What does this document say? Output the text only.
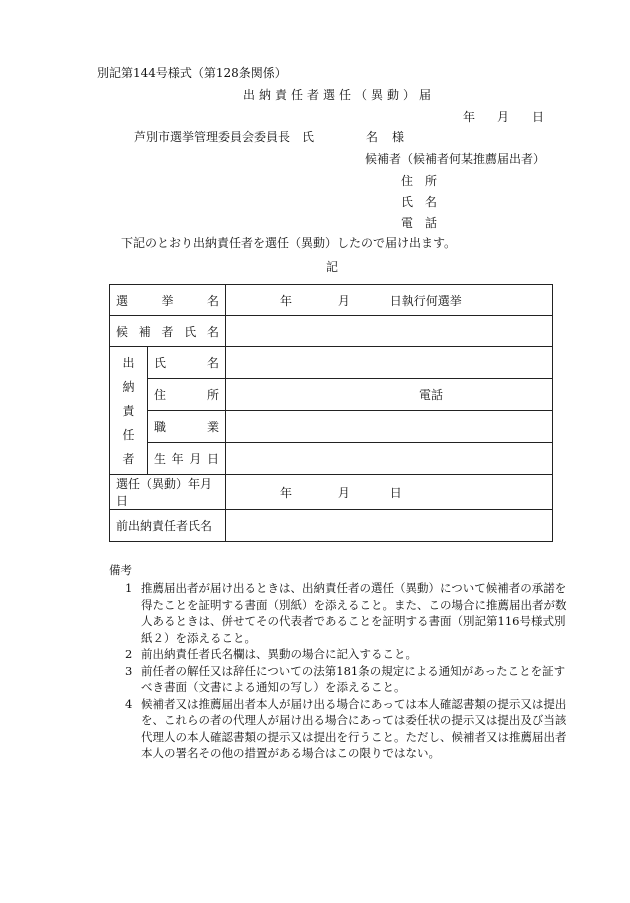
別記第144号様式（第128条関係）
出納責任者選任（異動）届
年 月 日
芦別市選挙管理委員会委員長　氏	名 様
候補者（候補者何某推薦届出者）
住　所
氏　名
電　話
下記のとおり出納責任者を選任（異動）したので届け出ます。
記
選 挙 名		年 月 日執行何選挙

候 補 者 氏 名		

出
納
責
任
者	氏 名	

	住 所	電話

	職 業	

	生 年 月 日	

選任（異動）年月日		年 月 日
前出納責任者氏名		
備考
1 推薦届出者が届け出るときは、出納責任者の選任（異動）について候補者の承諾を得たことを証明する書面（別紙）を添えること。また、この場合に推薦届出者が数人あるときは、併せてその代表者であることを証明する書面（別記第116号様式別紙２）を添えること。
2 前出納責任者氏名欄は、異動の場合に記入すること。
3 前任者の解任又は辞任についての法第181条の規定による通知があったことを証すべき書面（文書による通知の写し）を添えること。
4 候補者又は推薦届出者本人が届け出る場合にあっては本人確認書類の提示又は提出を、これらの者の代理人が届け出る場合にあっては委任状の提示又は提出及び当該代理人の本人確認書類の提示又は提出を行うこと。ただし、候補者又は推薦届出者本人の署名その他の措置がある場合はこの限りではない。
